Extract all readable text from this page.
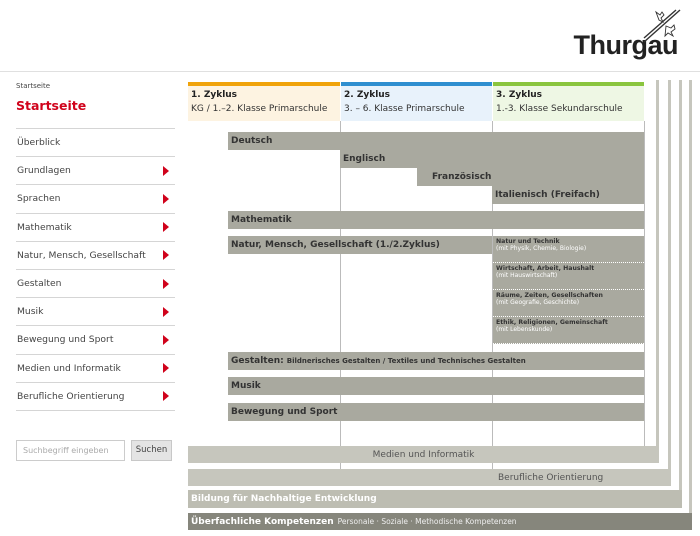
Thurgau
Startseite
Startseite
Überblick
Grundlagen
Sprachen
Mathematik
Natur, Mensch, Gesellschaft
Gestalten
Musik
Bewegung und Sport
Medien und Informatik
Berufliche Orientierung
Suchbegriff eingeben	Suchen
1. Zyklus
KG / 1.–2. Klasse Primarschule
2. Zyklus
3. – 6. Klasse Primarschule
3. Zyklus
1.-3. Klasse Sekundarschule
Deutsch
Englisch
Französisch
Italienisch (Freifach)
Mathematik
Natur, Mensch, Gesellschaft (1./2.Zyklus)	Natur und Technik
(mit Physik, Chemie, Biologie)
Wirtschaft, Arbeit, Haushalt
(mit Hauswirtschaft)
Räume, Zeiten, Gesellschaften
(mit Geografie, Geschichte)
Ethik, Religionen, Gemeinschaft
(mit Lebenskunde)
Gestalten: Bildnerisches Gestalten / Textiles und Technisches Gestalten
Musik
Bewegung und Sport
Medien und Informatik
Berufliche Orientierung
Bildung für Nachhaltige Entwicklung
Überfachliche Kompetenzen Personale · Soziale · Methodische Kompetenzen
